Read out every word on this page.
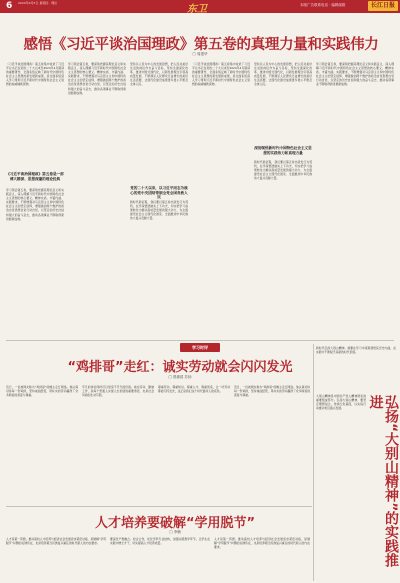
6 2024年9月5日 星期四 · 理论
东卫	本版广告联系电话 · 编辑邮箱	长江日报
感悟《习近平谈治国理政》第五卷的真理力量和实践伟力
□ 周建华
《习近平谈治国理政》第五卷集中收录了习近平总书记在党的二十大以来至2024年4月期间的重要著作，全面系统反映了新时代中国特色社会主义思想的新发展新成果，是全面系统深入学习贯彻习近平新时代中国特色社会主义思想的权威辅助读物。
《习近平谈治国理政》第五卷是一部博大精深、思想深邃的理论经典
学习领会第五卷，要深刻把握其理论意义和实践意义，深入理解习近平新时代中国特色社会主义思想的核心要义、精神实质、丰富内涵、实践要求，不断增强对马克思主义和中国特色社会主义的坚定信仰，增强做到两个维护的政治自觉思想自觉行动自觉，以坚定的历史自信和强大的奋斗意志，推动各项事业不断取得新进展新成效。
学习领会第五卷，要深刻把握其理论意义和实践意义，深入理解习近平新时代中国特色社会主义思想的核心要义、精神实质、丰富内涵、实践要求，不断增强对马克思主义和中国特色社会主义的坚定信仰，增强做到两个维护的政治自觉思想自觉行动自觉，以坚定的历史自信和强大的奋斗意志，推动各项事业不断取得新进展新成效。
坚持以人民为中心的发展思想，把人民对美好生活的向往作为奋斗目标，坚持全面深化改革，推进中国式现代化，以新发展理念引领高质量发展，不断满足人民群众日益增长的美好生活需要，让现代化建设成果更多更公平惠及全体人民。
党的二十大以来，以习近平同志为核心的党中央团结带领全党全国各族人民
新时代新征程，我们要以第五卷出版发行为契机，在学深悟透做实上下功夫，切实把学习成果转化为推动高质量发展的强大动力，为全面建设社会主义现代化国家、全面推进中华民族伟大复兴贡献力量。
《习近平谈治国理政》第五卷集中收录了习近平总书记在党的二十大以来至2024年4月期间的重要著作，全面系统反映了新时代中国特色社会主义思想的新发展新成果，是全面系统深入学习贯彻习近平新时代中国特色社会主义思想的权威辅助读物。
坚持以人民为中心的发展思想，把人民对美好生活的向往作为奋斗目标，坚持全面深化改革，推进中国式现代化，以新发展理念引领高质量发展，不断满足人民群众日益增长的美好生活需要，让现代化建设成果更多更公平惠及全体人民。
深刻领悟新时代中国特色社会主义思想的实践伟力和真理力量
新时代新征程，我们要以第五卷出版发行为契机，在学深悟透做实上下功夫，切实把学习成果转化为推动高质量发展的强大动力，为全面建设社会主义现代化国家、全面推进中华民族伟大复兴贡献力量。
学习领会第五卷，要深刻把握其理论意义和实践意义，深入理解习近平新时代中国特色社会主义思想的核心要义、精神实质、丰富内涵、实践要求，不断增强对马克思主义和中国特色社会主义的坚定信仰，增强做到两个维护的政治自觉思想自觉行动自觉，以坚定的历史自信和强大的奋斗意志，推动各项事业不断取得新进展新成效。
学习时评
“鸡排哥”走红：诚实劳动就会闪闪发光
□ 曾蒲清 苏扬
近日，一位被网友称为“鸡排哥”的摊主走红网络。他认真对待每一份鸡排，坚持诚信经营，用朴实的劳动赢得了众多顾客的喜爱与尊重。
平凡的岗位同样可以创造不平凡的价值。诚实劳动、勤勉工作，是每个普通人实现人生价值的重要途径，也是社会风尚的生动写照。
尊重劳动、尊重知识、尊重人才、尊重创造，让一切劳动都能闪闪发光，这正是我们这个时代最动人的底色。
近日，一位被网友称为“鸡排哥”的摊主走红网络。他认真对待每一份鸡排，坚持诚信经营，用朴实的劳动赢得了众多顾客的喜爱与尊重。
人才培养要破解“学用脱节”
□ 李楠
人才是第一资源。推动高校人才培养与经济社会发展需求紧密对接，是破解“学用脱节”问题的关键所在，也是培养堪当民族复兴重任的时代新人的内在要求。
要深化产教融合、校企合作，优化学科专业结构，加强实践教学环节，让学生在实践中增长才干，切实提高人才培养质量。
人才是第一资源。推动高校人才培养与经济社会发展需求紧密对接，是破解“学用脱节”问题的关键所在，也是培养堪当民族复兴重任的时代新人的内在要求。
新时代弘扬大别山精神，就要在学习中深刻领悟其历史内涵，在实践中不断赋予其新的时代价值。
大别山精神是中国共产党人精神谱系的重要组成部分。弘扬大别山精神，要坚定理想信念，传承红色基因，以实际行动推动老区振兴发展。	弘扬“大别山精神”的实践推进
